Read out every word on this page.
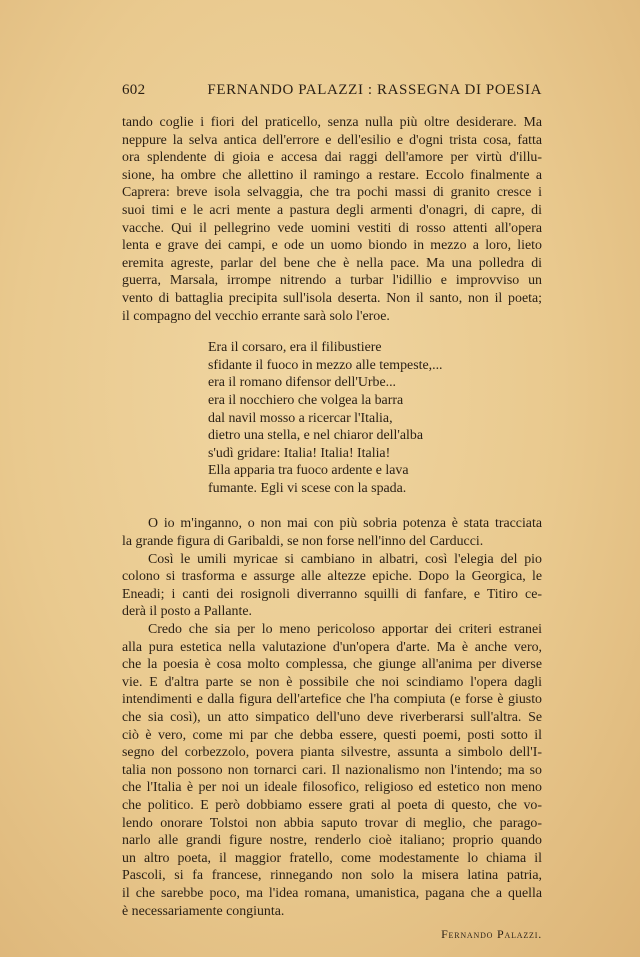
602	FERNANDO PALAZZI : RASSEGNA DI POESIA
tando coglie i fiori del praticello, senza nulla più oltre desiderare. Ma
neppure la selva antica dell'errore e dell'esilio e d'ogni trista cosa, fatta
ora splendente di gioia e accesa dai raggi dell'amore per virtù d'illu-
sione, ha ombre che allettino il ramingo a restare. Eccolo finalmente a
Caprera: breve isola selvaggia, che tra pochi massi di granito cresce i
suoi timi e le acri mente a pastura degli armenti d'onagri, di capre, di
vacche. Qui il pellegrino vede uomini vestiti di rosso attenti all'opera
lenta e grave dei campi, e ode un uomo biondo in mezzo a loro, lieto
eremita agreste, parlar del bene che è nella pace. Ma una polledra di
guerra, Marsala, irrompe nitrendo a turbar l'idillio e improvviso un
vento di battaglia precipita sull'isola deserta. Non il santo, non il poeta;
il compagno del vecchio errante sarà solo l'eroe.
Era il corsaro, era il filibustiere
sfidante il fuoco in mezzo alle tempeste,...
era il romano difensor dell'Urbe...
era il nocchiero che volgea la barra
dal navil mosso a ricercar l'Italia,
dietro una stella, e nel chiaror dell'alba
s'udì gridare: Italia! Italia! Italia!
Ella apparia tra fuoco ardente e lava
fumante. Egli vi scese con la spada.
O io m'inganno, o non mai con più sobria potenza è stata tracciata
la grande figura di Garibaldi, se non forse nell'inno del Carducci.
Così le umili myricae si cambiano in albatri, così l'elegia del pio
colono si trasforma e assurge alle altezze epiche. Dopo la Georgica, le
Eneadi; i canti dei rosignoli diverranno squilli di fanfare, e Titiro ce-
derà il posto a Pallante.
Credo che sia per lo meno pericoloso apportar dei criteri estranei
alla pura estetica nella valutazione d'un'opera d'arte. Ma è anche vero,
che la poesia è cosa molto complessa, che giunge all'anima per diverse
vie. E d'altra parte se non è possibile che noi scindiamo l'opera dagli
intendimenti e dalla figura dell'artefice che l'ha compiuta (e forse è giusto
che sia così), un atto simpatico dell'uno deve riverberarsi sull'altra. Se
ciò è vero, come mi par che debba essere, questi poemi, posti sotto il
segno del corbezzolo, povera pianta silvestre, assunta a simbolo dell'I-
talia non possono non tornarci cari. Il nazionalismo non l'intendo; ma so
che l'Italia è per noi un ideale filosofico, religioso ed estetico non meno
che politico. E però dobbiamo essere grati al poeta di questo, che vo-
lendo onorare Tolstoi non abbia saputo trovar di meglio, che parago-
narlo alle grandi figure nostre, renderlo cioè italiano; proprio quando
un altro poeta, il maggior fratello, come modestamente lo chiama il
Pascoli, si fa francese, rinnegando non solo la misera latina patria,
il che sarebbe poco, ma l'idea romana, umanistica, pagana che a quella
è necessariamente congiunta.
Fernando Palazzi.
